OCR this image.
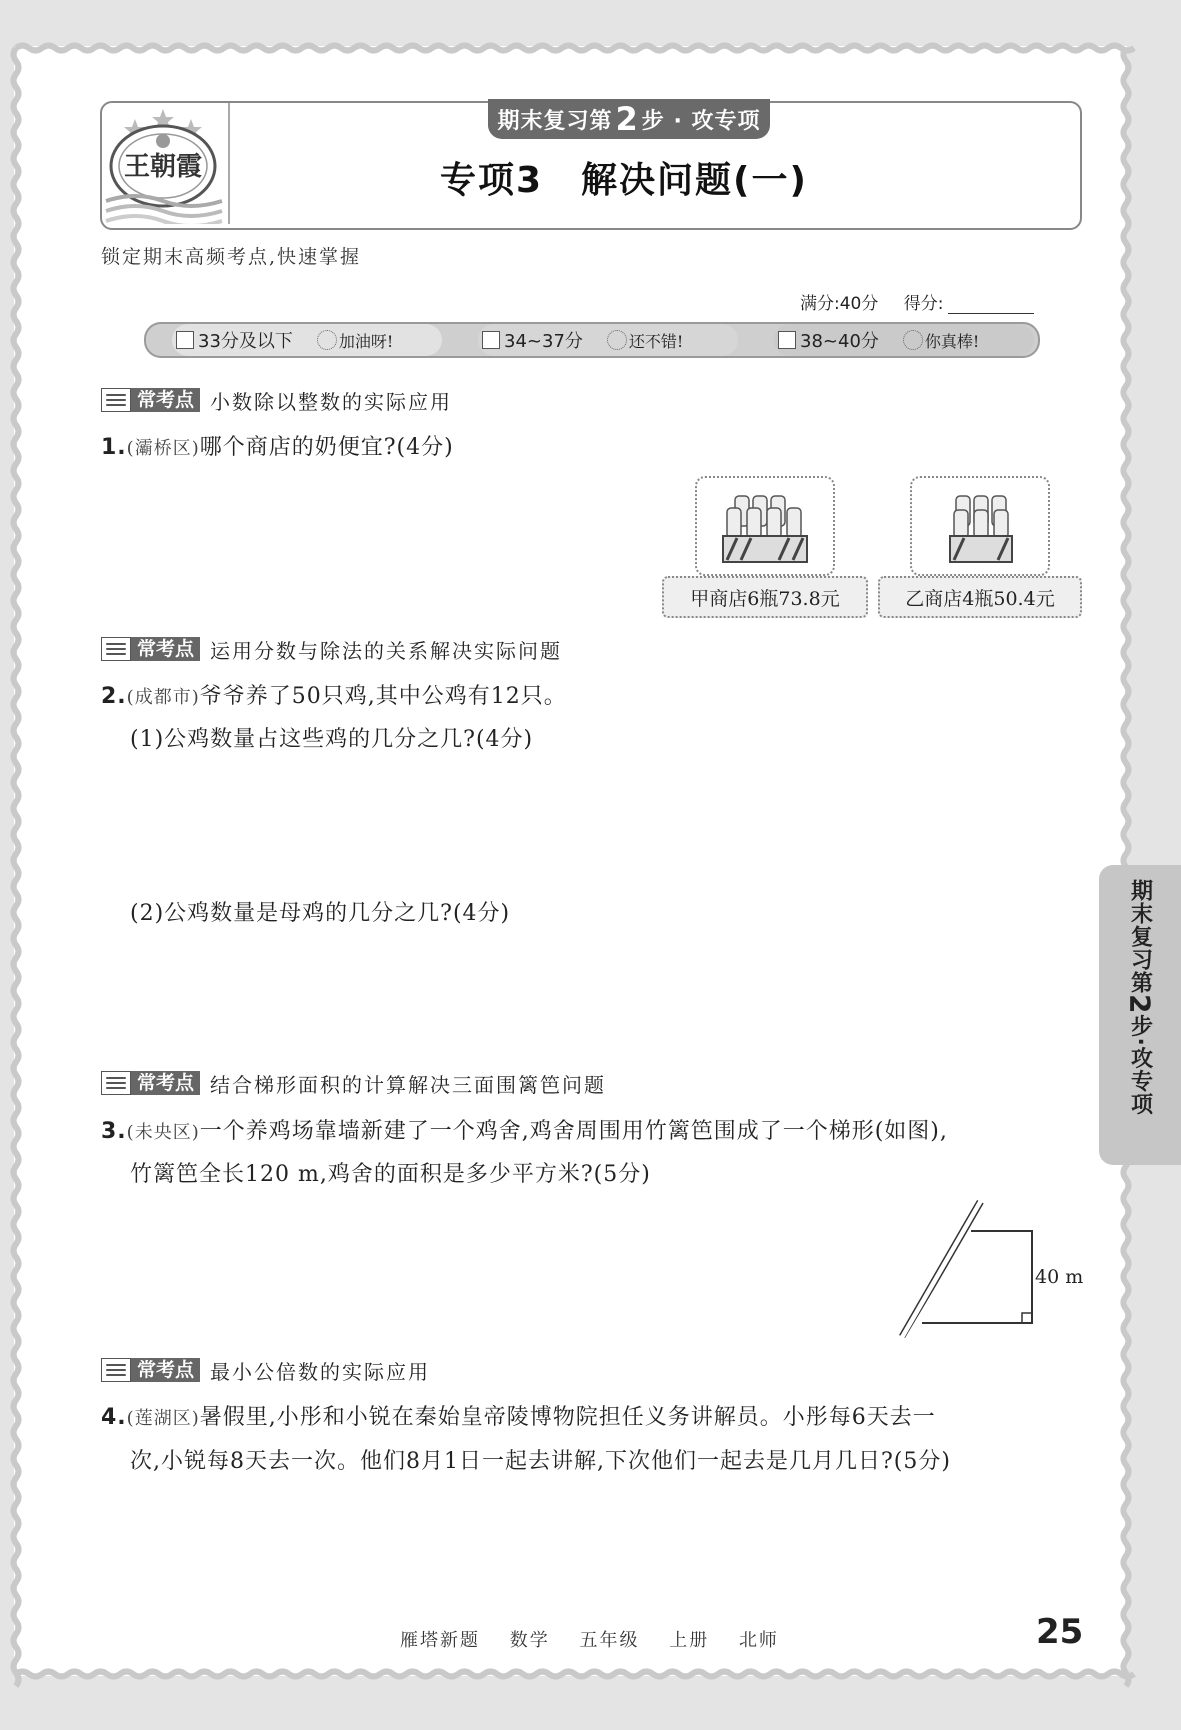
王朝霞
期末复习第 2 步 · 攻专项
专项3　解决问题(一)
锁定期末高频考点,快速掌握
满分:40分 得分:
33分及以下	加油呀!	34~37分	还不错!	38~40分	你真棒!
常考点 小数除以整数的实际应用
1.(灞桥区)哪个商店的奶便宜?(4分)
甲商店6瓶73.8元	乙商店4瓶50.4元
常考点 运用分数与除法的关系解决实际问题
2.(成都市)爷爷养了50只鸡,其中公鸡有12只。
(1)公鸡数量占这些鸡的几分之几?(4分)
(2)公鸡数量是母鸡的几分之几?(4分)
常考点 结合梯形面积的计算解决三面围篱笆问题
3.(未央区)一个养鸡场靠墙新建了一个鸡舍,鸡舍周围用竹篱笆围成了一个梯形(如图),
竹篱笆全长120 m,鸡舍的面积是多少平方米?(5分)
40 m
常考点 最小公倍数的实际应用
4.(莲湖区)暑假里,小彤和小锐在秦始皇帝陵博物院担任义务讲解员。小彤每6天去一
次,小锐每8天去一次。他们8月1日一起去讲解,下次他们一起去是几月几日?(5分)
期末复习第2步·攻专项
雁塔新题 数学 五年级 上册 北师	25
